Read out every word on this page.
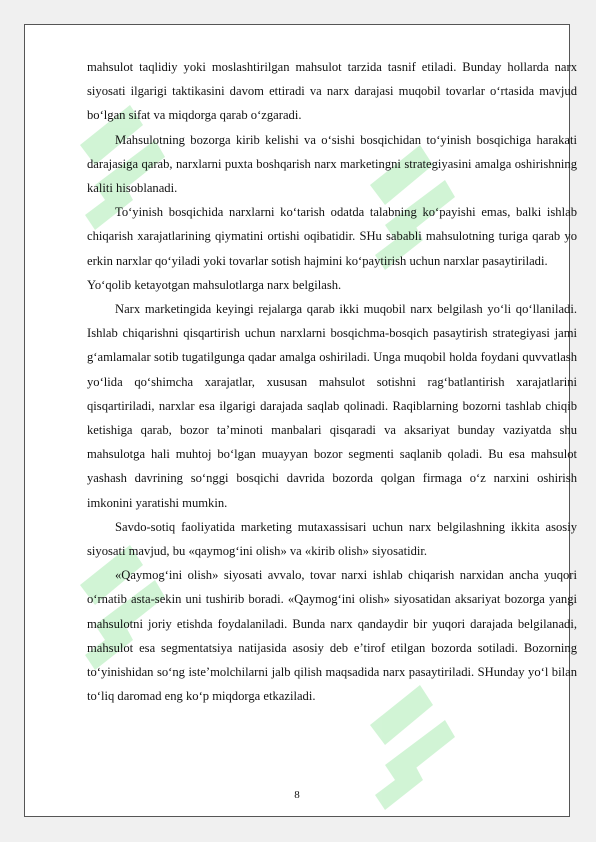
mahsulot taqlidiy yoki moslashtirilgan mahsulot tarzida tasnif etiladi. Bunday hollarda narx siyosati ilgarigi taktikasini davom ettiradi va narx darajasi muqobil tovarlar o‘rtasida mavjud bo‘lgan sifat va miqdorga qarab o‘zgaradi.

Mahsulotning bozorga kirib kelishi va o‘sishi bosqichidan to‘yinish bosqichiga harakati darajasiga qarab, narxlarni puxta boshqarish narx marketingni strategiyasini amalga oshirishning kaliti hisoblanadi.

To‘yinish bosqichida narxlarni ko‘tarish odatda talabning ko‘payishi emas, balki ishlab chiqarish xarajatlarining qiymatini ortishi oqibatidir. SHu sababli mahsulotning turiga qarab yo erkin narxlar qo‘yiladi yoki tovarlar sotish hajmini ko‘paytirish uchun narxlar pasaytiriladi.

Yo‘qolib ketayotgan mahsulotlarga narx belgilash.

Narx marketingida keyingi rejalarga qarab ikki muqobil narx belgilash yo‘li qo‘llaniladi. Ishlab chiqarishni qisqartirish uchun narxlarni bosqichma-bosqich pasaytirish strategiyasi jami g‘amlamalar sotib tugatilgunga qadar amalga oshiriladi. Unga muqobil holda foydani quvvatlash yo‘lida qo‘shimcha xarajatlar, xususan mahsulot sotishni rag‘batlantirish xarajatlarini qisqartiriladi, narxlar esa ilgarigi darajada saqlab qolinadi. Raqiblarning bozorni tashlab chiqib ketishiga qarab, bozor ta’minoti manbalari qisqaradi va aksariyat bunday vaziyatda shu mahsulotga hali muhtoj bo‘lgan muayyan bozor segmenti saqlanib qoladi. Bu esa mahsulot yashash davrining so‘nggi bosqichi davrida bozorda qolgan firmaga o‘z narxini oshirish imkonini yaratishi mumkin.

Savdo-sotiq faoliyatida marketing mutaxassisari uchun narx belgilashning ikkita asosiy siyosati mavjud, bu «qaymog‘ini olish» va «kirib olish» siyosatidir.

«Qaymog‘ini olish» siyosati avvalo, tovar narxi ishlab chiqarish narxidan ancha yuqori o‘rnatib asta-sekin uni tushirib boradi. «Qaymog‘ini olish» siyosatidan aksariyat bozorga yangi mahsulotni joriy etishda foydalaniladi. Bunda narx qandaydir bir yuqori darajada belgilanadi, mahsulot esa segmentatsiya natijasida asosiy deb e’tirof etilgan bozorda sotiladi. Bozorning to‘yinishidan so‘ng iste’molchilarni jalb qilish maqsadida narx pasaytiriladi. SHunday yo‘l bilan to‘liq daromad eng ko‘p miqdorga etkaziladi.

8
